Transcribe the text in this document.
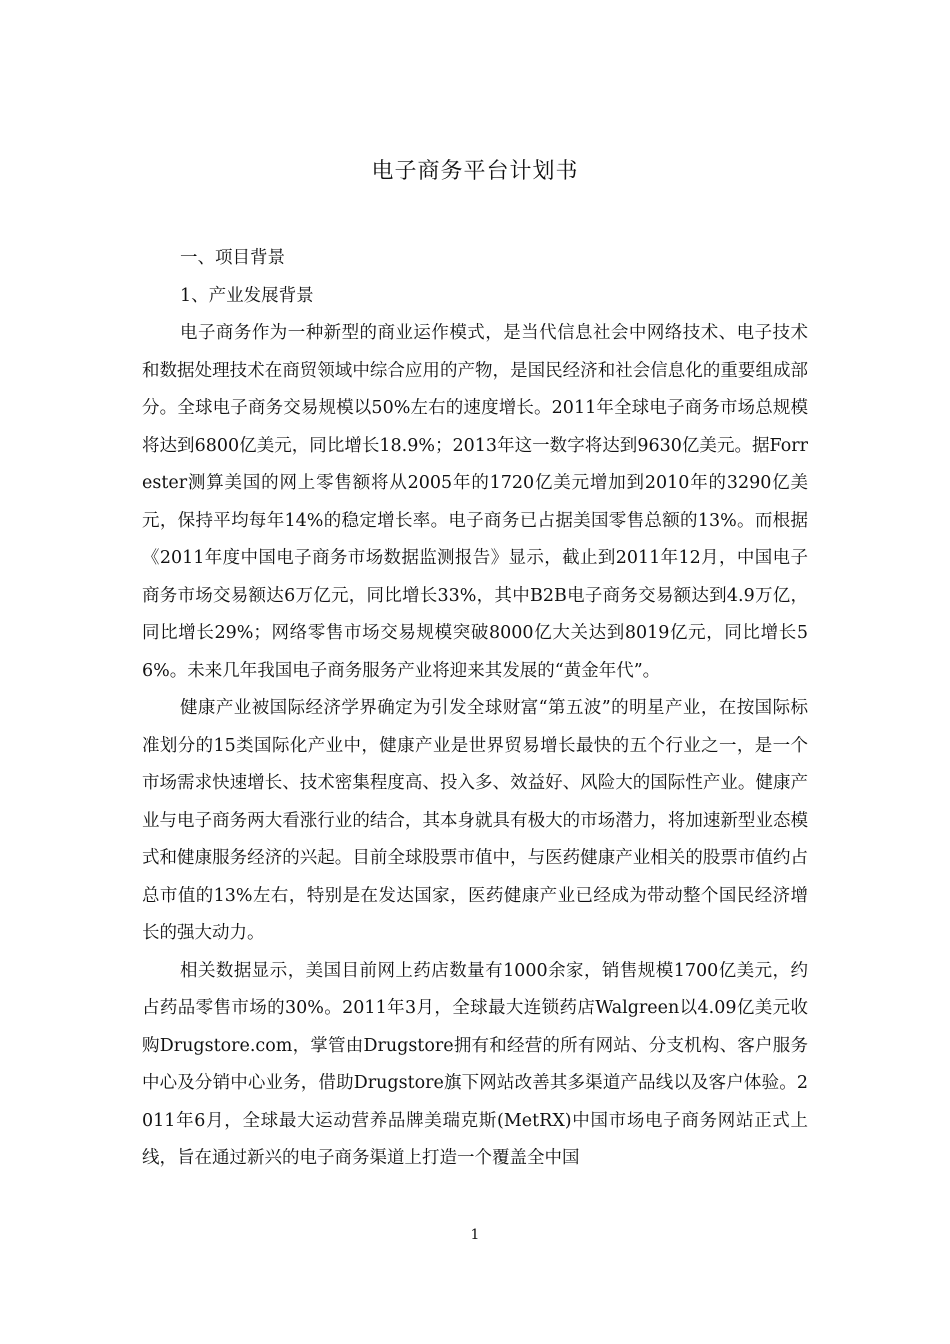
电子商务平台计划书

一、项目背景

1、产业发展背景

电子商务作为一种新型的商业运作模式，是当代信息社会中网络技术、电子技术和数据处理技术在商贸领域中综合应用的产物，是国民经济和社会信息化的重要组成部分。全球电子商务交易规模以50%左右的速度增长。2011年全球电子商务市场总规模将达到6800亿美元，同比增长18.9%；2013年这一数字将达到9630亿美元。据Forrester测算美国的网上零售额将从2005年的1720亿美元增加到2010年的3290亿美元，保持平均每年14%的稳定增长率。电子商务已占据美国零售总额的13%。而根据《2011年度中国电子商务市场数据监测报告》显示，截止到2011年12月，中国电子商务市场交易额达6万亿元，同比增长33%，其中B2B电子商务交易额达到4.9万亿，同比增长29%；网络零售市场交易规模突破8000亿大关达到8019亿元，同比增长56%。未来几年我国电子商务服务产业将迎来其发展的“黄金年代”。

健康产业被国际经济学界确定为引发全球财富“第五波”的明星产业，在按国际标准划分的15类国际化产业中，健康产业是世界贸易增长最快的五个行业之一，是一个市场需求快速增长、技术密集程度高、投入多、效益好、风险大的国际性产业。健康产业与电子商务两大看涨行业的结合，其本身就具有极大的市场潜力，将加速新型业态模式和健康服务经济的兴起。目前全球股票市值中，与医药健康产业相关的股票市值约占总市值的13%左右，特别是在发达国家，医药健康产业已经成为带动整个国民经济增长的强大动力。

相关数据显示，美国目前网上药店数量有1000余家，销售规模1700亿美元，约占药品零售市场的30%。2011年3月，全球最大连锁药店Walgreen以4.09亿美元收购Drugstore.com，掌管由Drugstore拥有和经营的所有网站、分支机构、客户服务中心及分销中心业务，借助Drugstore旗下网站改善其多渠道产品线以及客户体验。2011年6月，全球最大运动营养品牌美瑞克斯(MetRX)中国市场电子商务网站正式上线，旨在通过新兴的电子商务渠道上打造一个覆盖全中国

1
